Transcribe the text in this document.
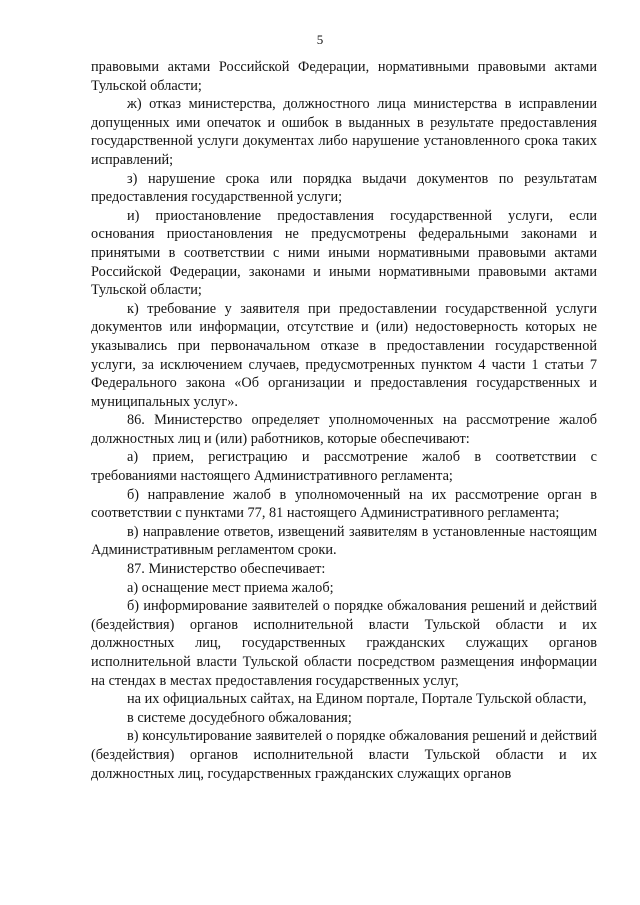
5

правовыми актами Российской Федерации, нормативными правовыми актами Тульской области;

ж) отказ министерства, должностного лица министерства в исправлении допущенных ими опечаток и ошибок в выданных в результате предоставления государственной услуги документах либо нарушение установленного срока таких исправлений;

з) нарушение срока или порядка выдачи документов по результатам предоставления государственной услуги;

и) приостановление предоставления государственной услуги, если основания приостановления не предусмотрены федеральными законами и принятыми в соответствии с ними иными нормативными правовыми актами Российской Федерации, законами и иными нормативными правовыми актами Тульской области;

к) требование у заявителя при предоставлении государственной услуги документов или информации, отсутствие и (или) недостоверность которых не указывались при первоначальном отказе в предоставлении государственной услуги, за исключением случаев, предусмотренных пунктом 4 части 1 статьи 7 Федерального закона «Об организации и предоставления государственных и муниципальных услуг».

86. Министерство определяет уполномоченных на рассмотрение жалоб должностных лиц и (или) работников, которые обеспечивают:

а) прием, регистрацию и рассмотрение жалоб в соответствии с требованиями настоящего Административного регламента;

б) направление жалоб в уполномоченный на их рассмотрение орган в соответствии с пунктами 77, 81 настоящего Административного регламента;

в) направление ответов, извещений заявителям в установленные настоящим Административным регламентом сроки.

87. Министерство обеспечивает:

а) оснащение мест приема жалоб;

б) информирование заявителей о порядке обжалования решений и действий (бездействия) органов исполнительной власти Тульской области и их должностных лиц, государственных гражданских служащих органов исполнительной власти Тульской области посредством размещения информации на стендах в местах предоставления государственных услуг,

на их официальных сайтах, на Едином портале, Портале Тульской области,

в системе досудебного обжалования;

в) консультирование заявителей о порядке обжалования решений и действий (бездействия) органов исполнительной власти Тульской области и их должностных лиц, государственных гражданских служащих органов
